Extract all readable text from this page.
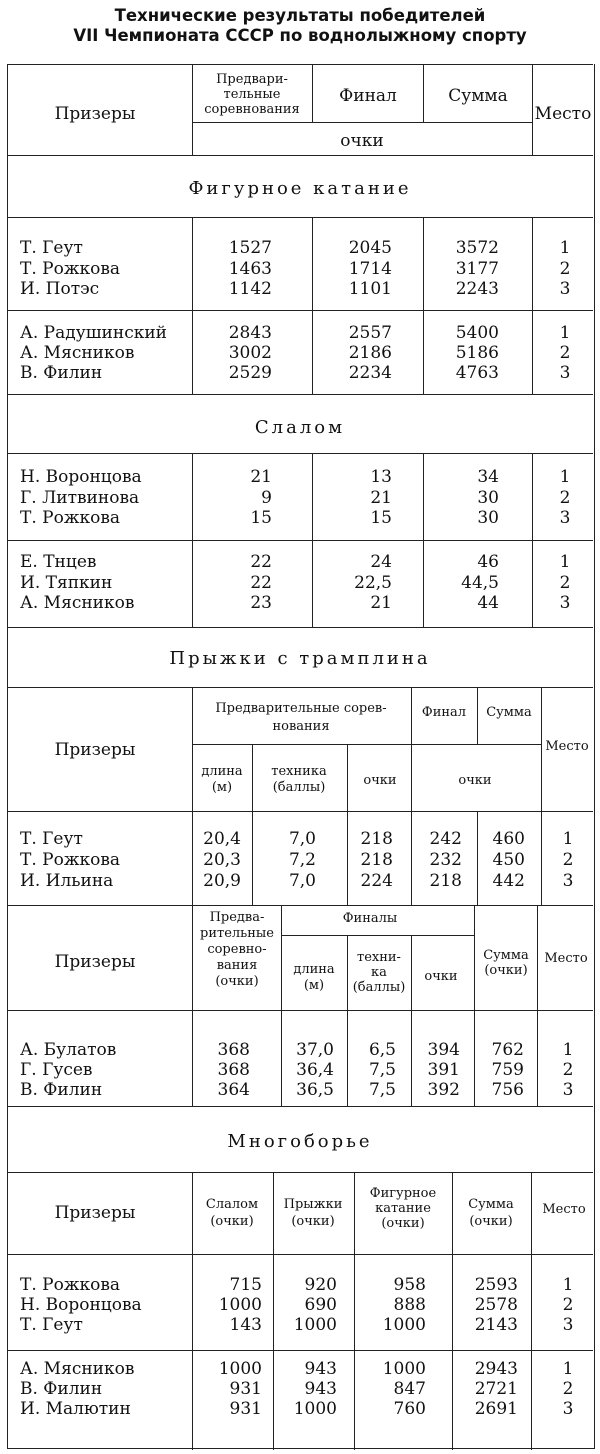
Технические результаты победителей
VII Чемпионата СССР по воднолыжному спорту
Призеры
Предвари-
тельные
соревнования
Финал	Сумма
Место
очки
Фигурное катание
Т. Геут	1527	2045	3572	1
Т. Рожкова	1463	1714	3177	2
И. Потэс	1142	1101	2243	3
А. Радушинский	2843	2557	5400	1
А. Мясников	3002	2186	5186	2
В. Филин	2529	2234	4763	3
Слалом
Н. Воронцова	21	13	34	1
Г. Литвинова	9	21	30	2
Т. Рожкова	15	15	30	3
Е. Тнцев	22	24	46	1
И. Тяпкин	22	22,5	44,5	2
А. Мясников	23	21	44	3
Прыжки с трамплина
Призеры
Предварительные сорев-
нования
Финал	Сумма
Место
длина
(м)
техника
(баллы)	очки	очки
Т. Геут	20,4	7,0	218 242 460	1
Т. Рожкова	20,3	7,2	218 232 450	2
И. Ильина	20,9	7,0	224 218 442	3
Призеры
Предва-
рительные
соревно-
вания
(очки)
Финалы
длина
(м)
техни-
ка
(баллы)
очки
Сумма
(очки)
Место
А. Булатов	368	37,0 6,5 394 762	1
Г. Гусев	368	36,4 7,5 391 759	2
В. Филин	364	36,5 7,5 392 756	3
Многоборье
Призеры	Слалом
(очки)
Прыжки
(очки)
Фигурное
катание
(очки)
Сумма
(очки)
Место
Т. Рожкова	715	920	958	2593	1
Н. Воронцова	1000	690	888	2578	2
Т. Геут	143 1000	1000	2143	3
А. Мясников	1000	943	1000	2943	1
В. Филин	931	943	847	2721	2
И. Малютин	931 1000	760	2691	3
